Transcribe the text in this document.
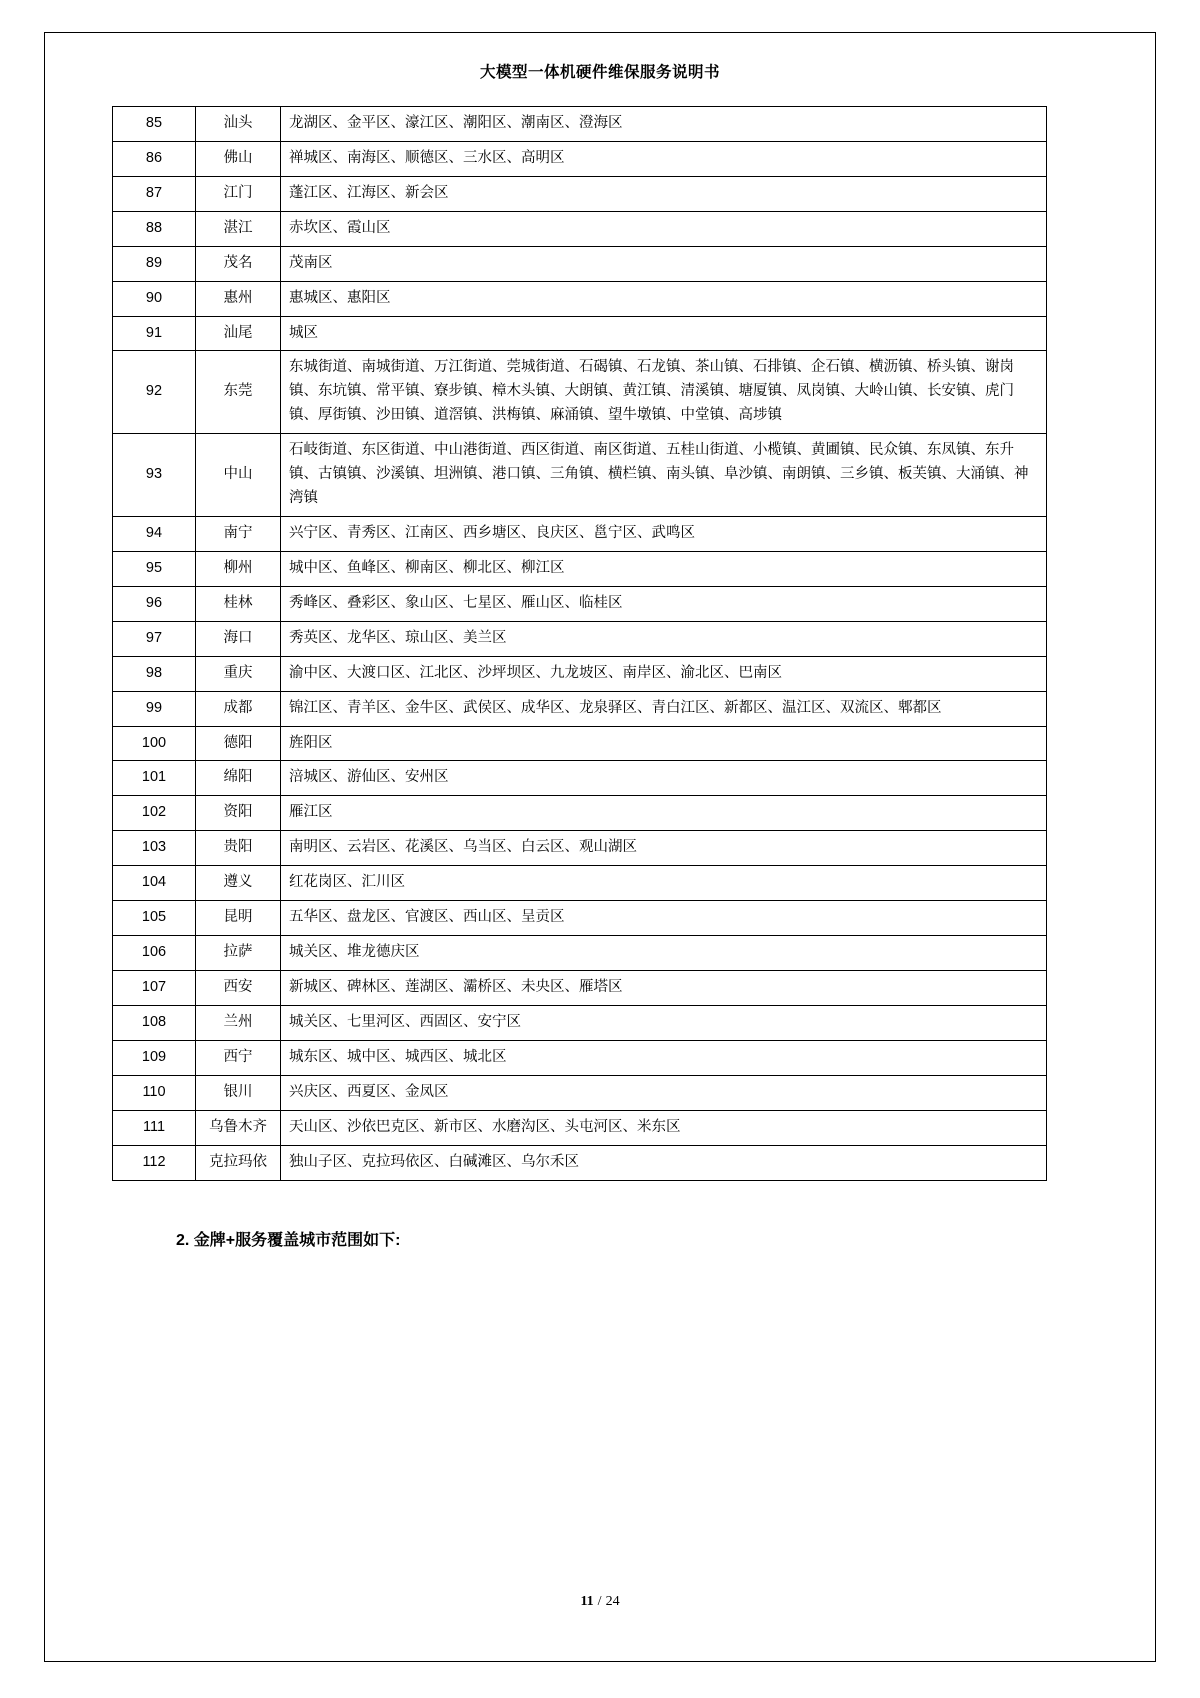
大模型一体机硬件维保服务说明书
85	汕头	龙湖区、金平区、濠江区、潮阳区、潮南区、澄海区
86	佛山	禅城区、南海区、顺德区、三水区、高明区
87	江门	蓬江区、江海区、新会区
88	湛江	赤坎区、霞山区
89	茂名	茂南区
90	惠州	惠城区、惠阳区
91	汕尾	城区
92	东莞	东城街道、南城街道、万江街道、莞城街道、石碣镇、石龙镇、茶山镇、石排镇、企石镇、横沥镇、桥头镇、谢岗镇、东坑镇、常平镇、寮步镇、樟木头镇、大朗镇、黄江镇、清溪镇、塘厦镇、凤岗镇、大岭山镇、长安镇、虎门镇、厚街镇、沙田镇、道滘镇、洪梅镇、麻涌镇、望牛墩镇、中堂镇、高埗镇
93	中山	石岐街道、东区街道、中山港街道、西区街道、南区街道、五桂山街道、小榄镇、黄圃镇、民众镇、东凤镇、东升镇、古镇镇、沙溪镇、坦洲镇、港口镇、三角镇、横栏镇、南头镇、阜沙镇、南朗镇、三乡镇、板芙镇、大涌镇、神湾镇
94	南宁	兴宁区、青秀区、江南区、西乡塘区、良庆区、邕宁区、武鸣区
95	柳州	城中区、鱼峰区、柳南区、柳北区、柳江区
96	桂林	秀峰区、叠彩区、象山区、七星区、雁山区、临桂区
97	海口	秀英区、龙华区、琼山区、美兰区
98	重庆	渝中区、大渡口区、江北区、沙坪坝区、九龙坡区、南岸区、渝北区、巴南区
99	成都	锦江区、青羊区、金牛区、武侯区、成华区、龙泉驿区、青白江区、新都区、温江区、双流区、郫都区
100	德阳	旌阳区
101	绵阳	涪城区、游仙区、安州区
102	资阳	雁江区
103	贵阳	南明区、云岩区、花溪区、乌当区、白云区、观山湖区
104	遵义	红花岗区、汇川区
105	昆明	五华区、盘龙区、官渡区、西山区、呈贡区
106	拉萨	城关区、堆龙德庆区
107	西安	新城区、碑林区、莲湖区、灞桥区、未央区、雁塔区
108	兰州	城关区、七里河区、西固区、安宁区
109	西宁	城东区、城中区、城西区、城北区
110	银川	兴庆区、西夏区、金凤区
111	乌鲁木齐	天山区、沙依巴克区、新市区、水磨沟区、头屯河区、米东区
112	克拉玛依	独山子区、克拉玛依区、白碱滩区、乌尔禾区
2. 金牌+服务覆盖城市范围如下:
11 / 24
